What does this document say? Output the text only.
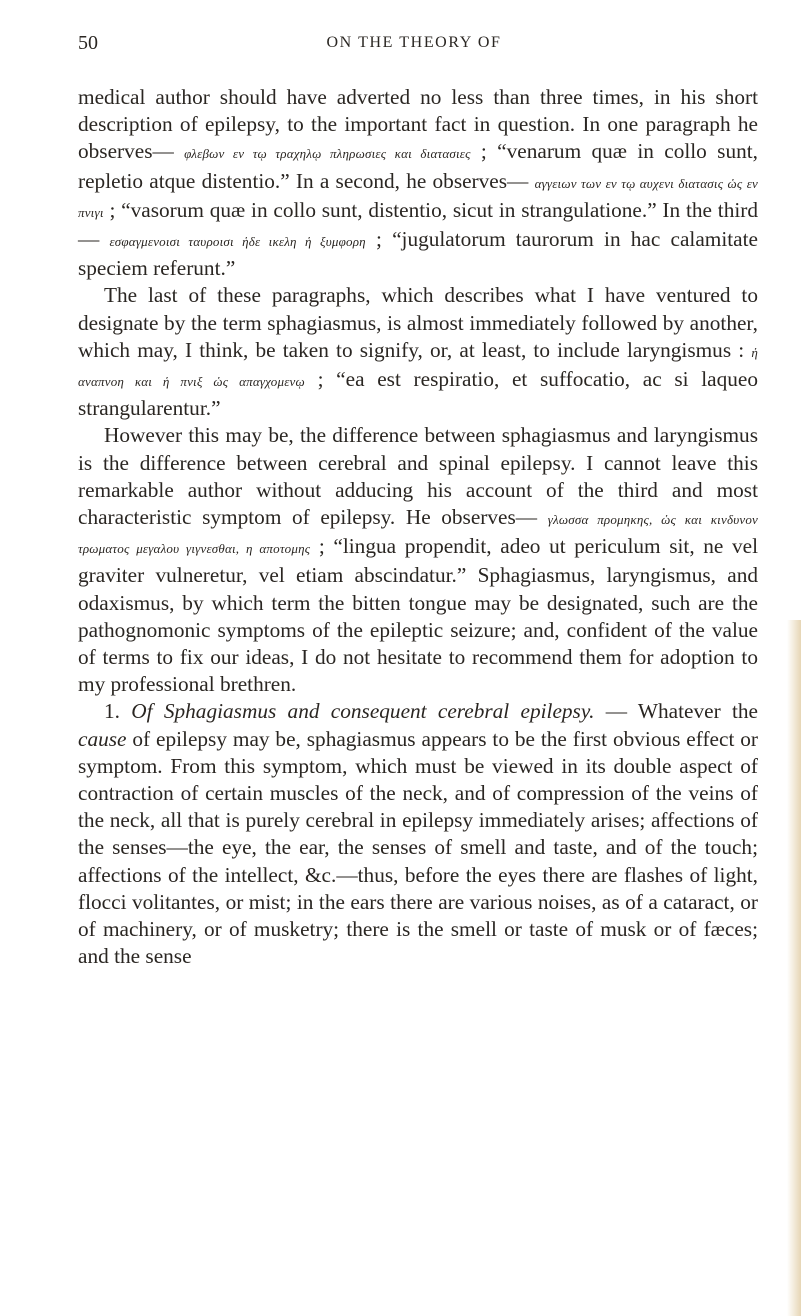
50	ON THE THEORY OF

medical author should have adverted no less than three times, in his short description of epilepsy, to the important fact in question. In one paragraph he observes— φλεβων εν τῳ τραχηλῳ πληρωσιες και διατασιες ; “venarum quæ in collo sunt, repletio atque distentio.” In a second, he observes— αγγειων των εν τῳ αυχενι διατασις ὡς εν πνιγι ; “vasorum quæ in collo sunt, distentio, sicut in strangulatione.” In the third— εσφαγμενοισι ταυροισι ἡδε ικελη ἡ ξυμφορη ; “jugulatorum taurorum in hac calamitate speciem referunt.”

The last of these paragraphs, which describes what I have ventured to designate by the term sphagiasmus, is almost immediately followed by another, which may, I think, be taken to signify, or, at least, to include laryngismus : ἡ αναπνοη και ἡ πνιξ ὡς απαγχομενῳ ; “ea est respiratio, et suffocatio, ac si laqueo strangularentur.”

However this may be, the difference between sphagiasmus and laryngismus is the difference between cerebral and spinal epilepsy. I cannot leave this remarkable author without adducing his account of the third and most characteristic symptom of epilepsy. He observes— γλωσσα προμηκης, ὡς και κινδυνον τρωματος μεγαλου γιγνεσθαι, η αποτομης ; “lingua propendit, adeo ut periculum sit, ne vel graviter vulneretur, vel etiam abscindatur.” Sphagiasmus, laryngismus, and odaxismus, by which term the bitten tongue may be designated, such are the pathognomonic symptoms of the epileptic seizure; and, confident of the value of terms to fix our ideas, I do not hesitate to recommend them for adoption to my professional brethren.

1. Of Sphagiasmus and consequent cerebral epilepsy. — Whatever the cause of epilepsy may be, sphagiasmus appears to be the first obvious effect or symptom. From this symptom, which must be viewed in its double aspect of contraction of certain muscles of the neck, and of compression of the veins of the neck, all that is purely cerebral in epilepsy immediately arises; affections of the senses—the eye, the ear, the senses of smell and taste, and of the touch; affections of the intellect, &c.—thus, before the eyes there are flashes of light, flocci volitantes, or mist; in the ears there are various noises, as of a cataract, or of machinery, or of musketry; there is the smell or taste of musk or of fæces; and the sense
